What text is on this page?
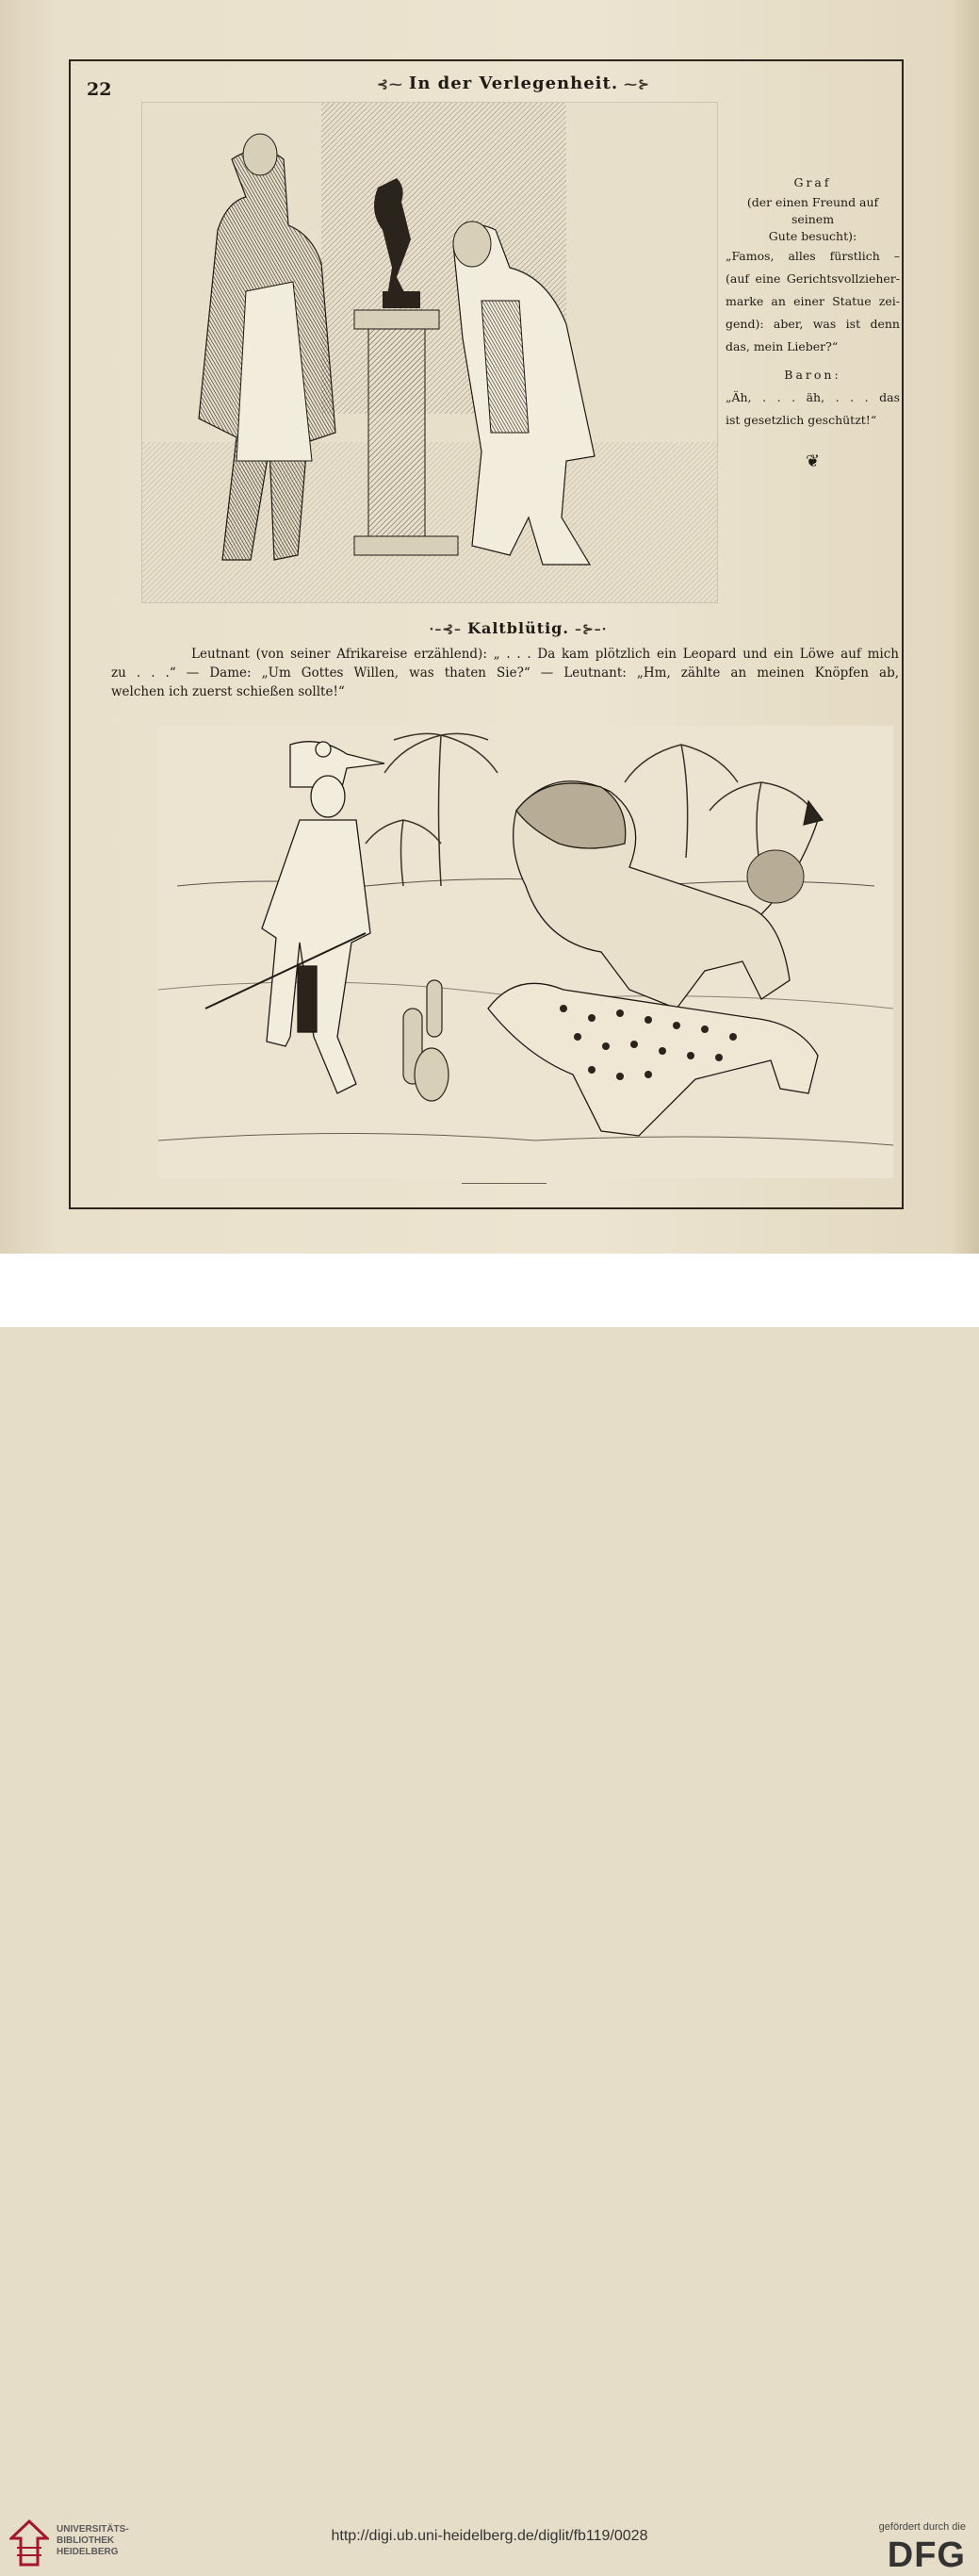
22	⊰⁓ In der Verlegenheit. ⁓⊱
Graf
(der einen Freund auf seinem
Gute besucht):
„Famos, alles fürstlich –
(auf eine Gerichtsvollzieher-
marke an einer Statue zei-
gend): aber, was ist denn
das, mein Lieber?“
Baron:
„Äh, . . . äh, . . . das
ist gesetzlich geschützt!“
❦
·–⊰– Kaltblütig. –⊱–·
Leutnant (von seiner Afrikareise erzählend): „ . . . Da kam plötzlich ein Leopard und ein Löwe auf mich
zu . . .“ — Dame: „Um Gottes Willen, was thaten Sie?“ — Leutnant: „Hm, zählte an meinen Knöpfen ab,
welchen ich zuerst schießen sollte!“
UNIVERSITÄTS-
BIBLIOTHEK
HEIDELBERG
http://digi.ub.uni-heidelberg.de/diglit/fb119/0028
gefördert durch die
DFG
